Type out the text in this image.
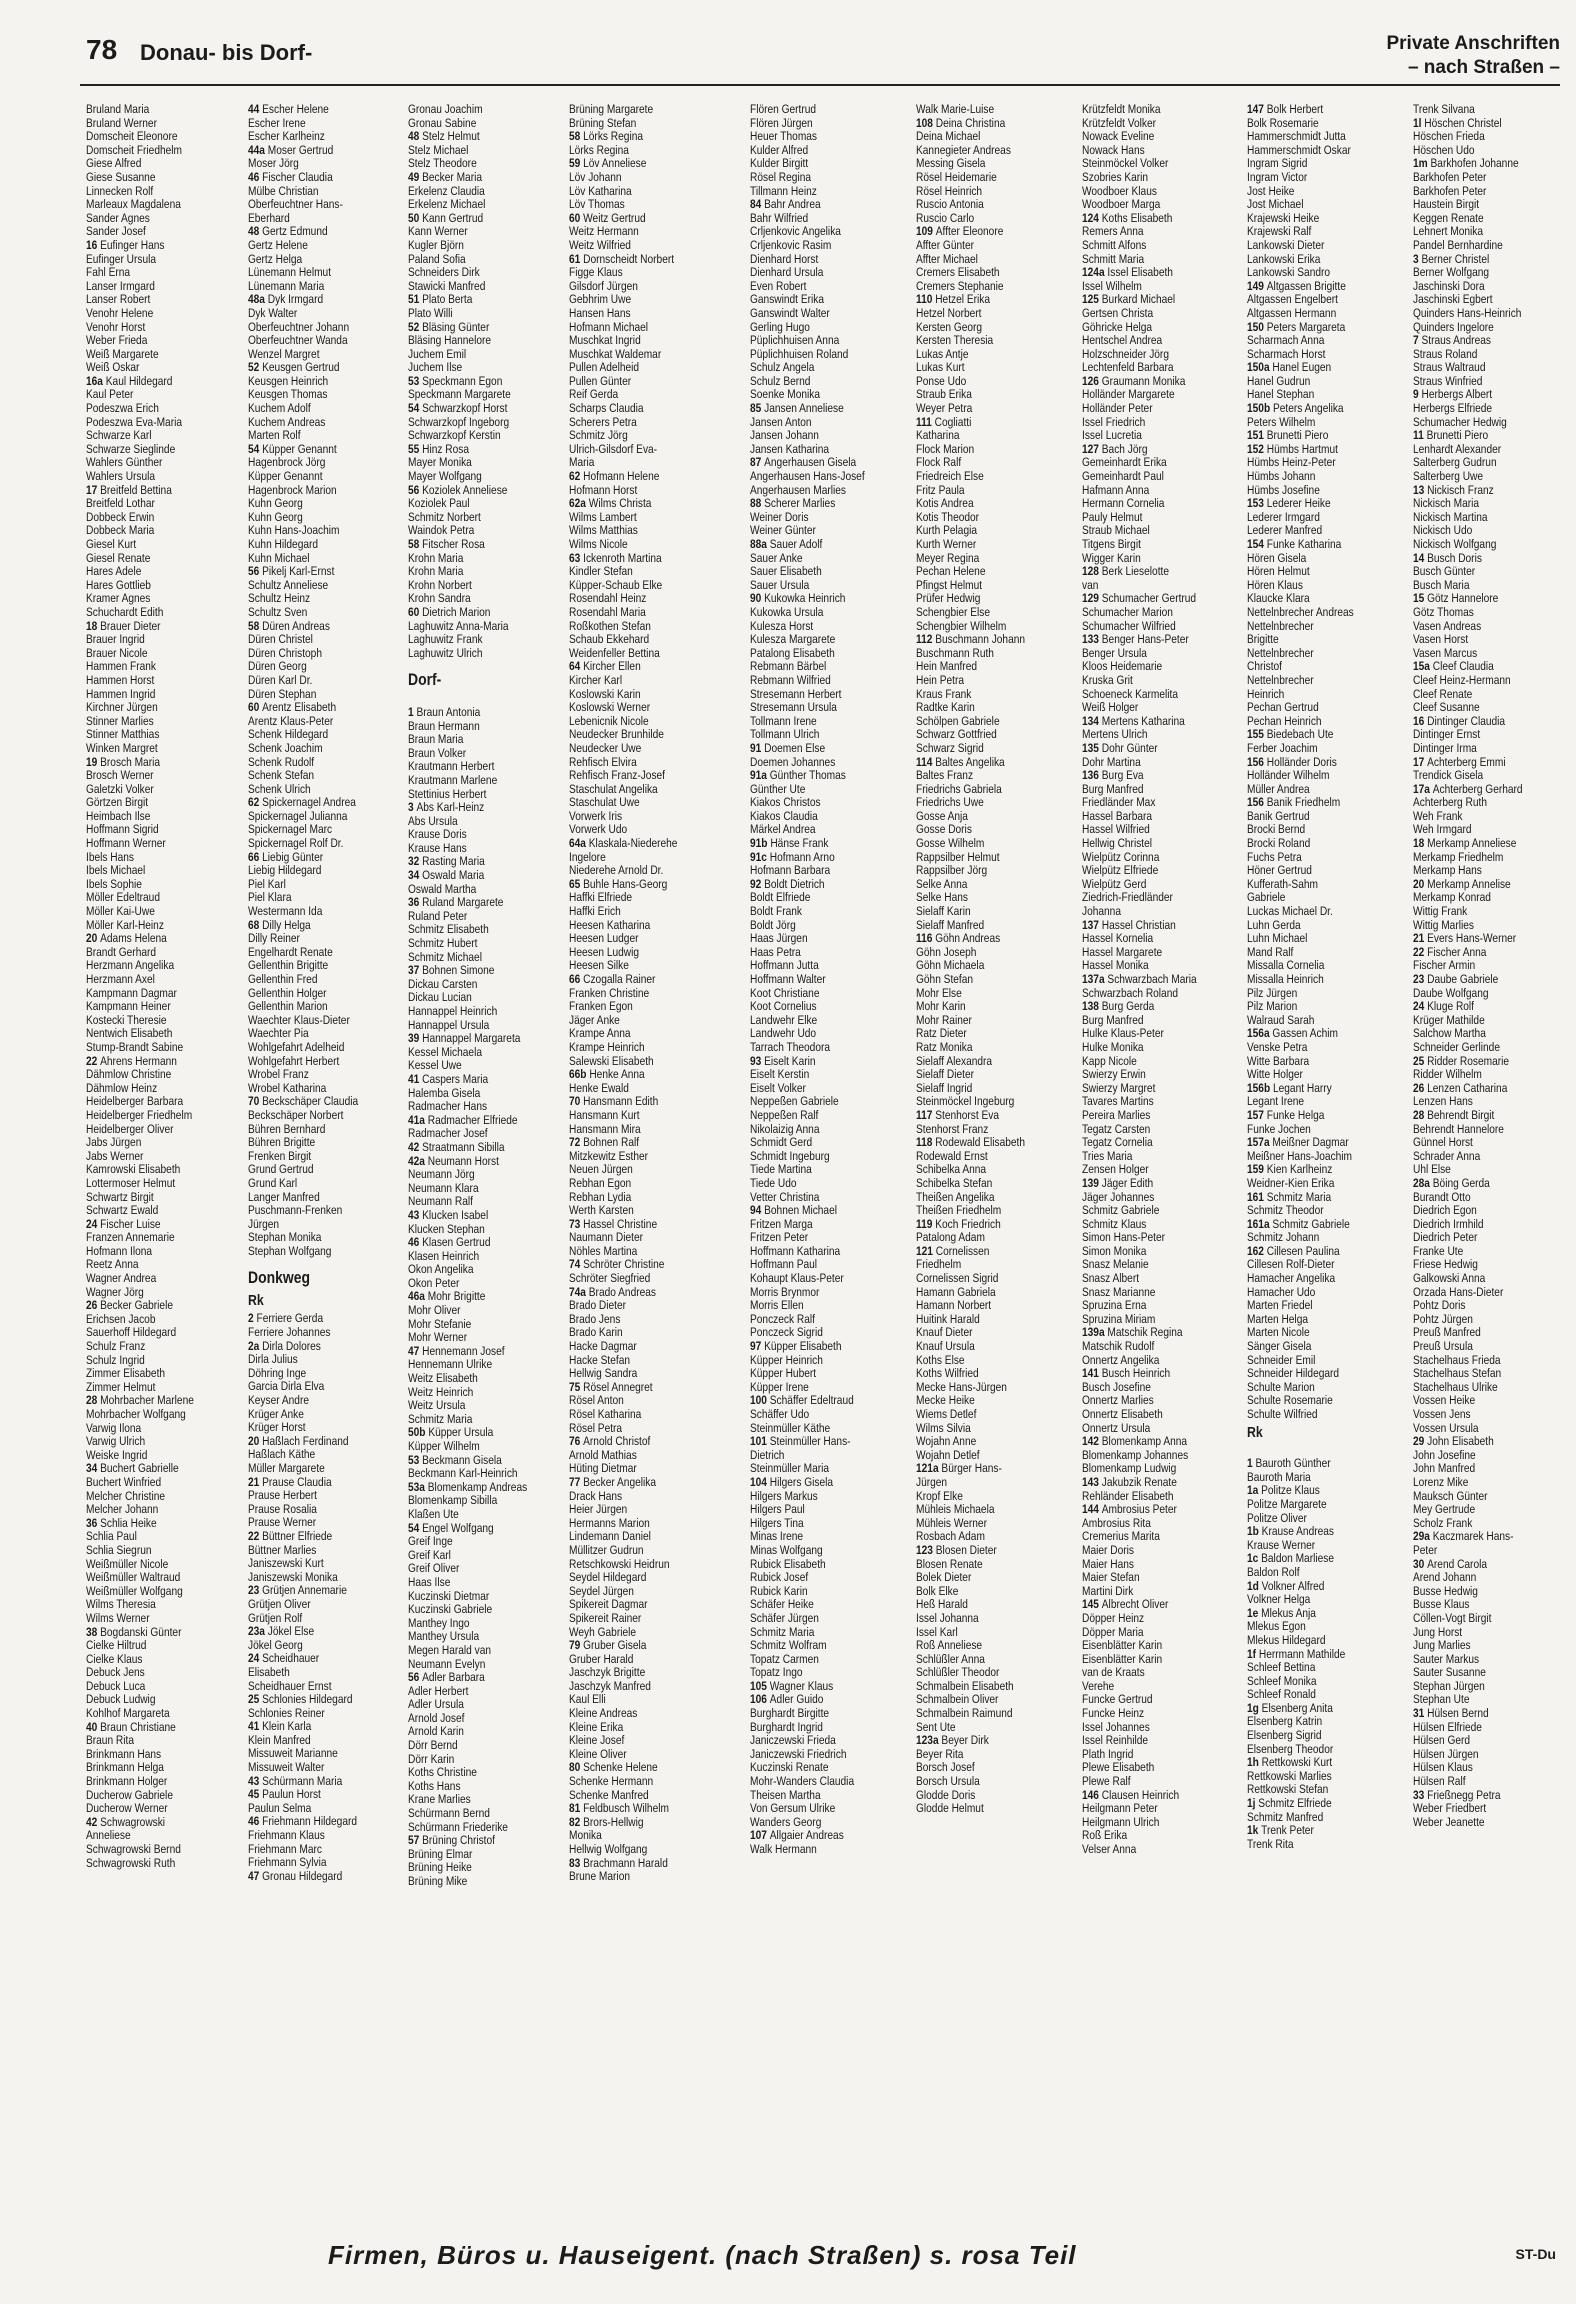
78 Donau- bis Dorf-	Private Anschriften
– nach Straßen –
Bruland Maria
Bruland Werner
Domscheit Eleonore
Domscheit Friedhelm
Giese Alfred
Giese Susanne
Linnecken Rolf
Marleaux Magdalena
Sander Agnes
Sander Josef
16 Eufinger Hans
Eufinger Ursula
Fahl Erna
Lanser Irmgard
Lanser Robert
Venohr Helene
Venohr Horst
Weber Frieda
Weiß Margarete
Weiß Oskar
16a Kaul Hildegard
Kaul Peter
Podeszwa Erich
Podeszwa Eva-Maria
Schwarze Karl
Schwarze Sieglinde
Wahlers Günther
Wahlers Ursula
17 Breitfeld Bettina
Breitfeld Lothar
Dobbeck Erwin
Dobbeck Maria
Giesel Kurt
Giesel Renate
Hares Adele
Hares Gottlieb
Kramer Agnes
Schuchardt Edith
18 Brauer Dieter
Brauer Ingrid
Brauer Nicole
Hammen Frank
Hammen Horst
Hammen Ingrid
Kirchner Jürgen
Stinner Marlies
Stinner Matthias
Winken Margret
19 Brosch Maria
Brosch Werner
Galetzki Volker
Görtzen Birgit
Heimbach Ilse
Hoffmann Sigrid
Hoffmann Werner
Ibels Hans
Ibels Michael
Ibels Sophie
Möller Edeltraud
Möller Kai-Uwe
Möller Karl-Heinz
20 Adams Helena
Brandt Gerhard
Herzmann Angelika
Herzmann Axel
Kampmann Dagmar
Kampmann Heiner
Kostecki Theresie
Nentwich Elisabeth
Stump-Brandt Sabine
22 Ahrens Hermann
Dähmlow Christine
Dähmlow Heinz
Heidelberger Barbara
Heidelberger Friedhelm
Heidelberger Oliver
Jabs Jürgen
Jabs Werner
Kamrowski Elisabeth
Lottermoser Helmut
Schwartz Birgit
Schwartz Ewald
24 Fischer Luise
Franzen Annemarie
Hofmann Ilona
Reetz Anna
Wagner Andrea
Wagner Jörg
26 Becker Gabriele
Erichsen Jacob
Sauerhoff Hildegard
Schulz Franz
Schulz Ingrid
Zimmer Elisabeth
Zimmer Helmut
28 Mohrbacher Marlene
Mohrbacher Wolfgang
Varwig Ilona
Varwig Ulrich
Weiske Ingrid
34 Buchert Gabrielle
Buchert Winfried
Melcher Christine
Melcher Johann
36 Schlia Heike
Schlia Paul
Schlia Siegrun
Weißmüller Nicole
Weißmüller Waltraud
Weißmüller Wolfgang
Wilms Theresia
Wilms Werner
38 Bogdanski Günter
Cielke Hiltrud
Cielke Klaus
Debuck Jens
Debuck Luca
Debuck Ludwig
Kohlhof Margareta
40 Braun Christiane
Braun Rita
Brinkmann Hans
Brinkmann Helga
Brinkmann Holger
Ducherow Gabriele
Ducherow Werner
42 Schwagrowski
Anneliese
Schwagrowski Bernd
Schwagrowski Ruth
44 Escher Helene
Escher Irene
Escher Karlheinz
44a Moser Gertrud
Moser Jörg
46 Fischer Claudia
Mülbe Christian
Oberfeuchtner Hans-
Eberhard
48 Gertz Edmund
Gertz Helene
Gertz Helga
Lünemann Helmut
Lünemann Maria
48a Dyk Irmgard
Dyk Walter
Oberfeuchtner Johann
Oberfeuchtner Wanda
Wenzel Margret
52 Keusgen Gertrud
Keusgen Heinrich
Keusgen Thomas
Kuchem Adolf
Kuchem Andreas
Marten Rolf
54 Küpper Genannt
Hagenbrock Jörg
Küpper Genannt
Hagenbrock Marion
Kuhn Georg
Kuhn Georg
Kuhn Hans-Joachim
Kuhn Hildegard
Kuhn Michael
56 Pikelj Karl-Ernst
Schultz Anneliese
Schultz Heinz
Schultz Sven
58 Düren Andreas
Düren Christel
Düren Christoph
Düren Georg
Düren Karl Dr.
Düren Stephan
60 Arentz Elisabeth
Arentz Klaus-Peter
Schenk Hildegard
Schenk Joachim
Schenk Rudolf
Schenk Stefan
Schenk Ulrich
62 Spickernagel Andrea
Spickernagel Julianna
Spickernagel Marc
Spickernagel Rolf Dr.
66 Liebig Günter
Liebig Hildegard
Piel Karl
Piel Klara
Westermann Ida
68 Dilly Helga
Dilly Reiner
Engelhardt Renate
Gellenthin Brigitte
Gellenthin Fred
Gellenthin Holger
Gellenthin Marion
Waechter Klaus-Dieter
Waechter Pia
Wohlgefahrt Adelheid
Wohlgefahrt Herbert
Wrobel Franz
Wrobel Katharina
70 Beckschäper Claudia
Beckschäper Norbert
Bühren Bernhard
Bühren Brigitte
Frenken Birgit
Grund Gertrud
Grund Karl
Langer Manfred
Puschmann-Frenken
Jürgen
Stephan Monika
Stephan Wolfgang
Donkweg
Rk
2 Ferriere Gerda
Ferriere Johannes
2a Dirla Dolores
Dirla Julius
Döhring Inge
Garcia Dirla Elva
Keyser Andre
Krüger Anke
Krüger Horst
20 Haßlach Ferdinand
Haßlach Käthe
Müller Margarete
21 Prause Claudia
Prause Herbert
Prause Rosalia
Prause Werner
22 Büttner Elfriede
Büttner Marlies
Janiszewski Kurt
Janiszewski Monika
23 Grütjen Annemarie
Grütjen Oliver
Grütjen Rolf
23a Jökel Else
Jökel Georg
24 Scheidhauer
Elisabeth
Scheidhauer Ernst
25 Schlonies Hildegard
Schlonies Reiner
41 Klein Karla
Klein Manfred
Missuweit Marianne
Missuweit Walter
43 Schürmann Maria
45 Paulun Horst
Paulun Selma
46 Friehmann Hildegard
Friehmann Klaus
Friehmann Marc
Friehmann Sylvia
47 Gronau Hildegard
Gronau Joachim
Gronau Sabine
48 Stelz Helmut
Stelz Michael
Stelz Theodore
49 Becker Maria
Erkelenz Claudia
Erkelenz Michael
50 Kann Gertrud
Kann Werner
Kugler Björn
Paland Sofia
Schneiders Dirk
Stawicki Manfred
51 Plato Berta
Plato Willi
52 Bläsing Günter
Bläsing Hannelore
Juchem Emil
Juchem Ilse
53 Speckmann Egon
Speckmann Margarete
54 Schwarzkopf Horst
Schwarzkopf Ingeborg
Schwarzkopf Kerstin
55 Hinz Rosa
Mayer Monika
Mayer Wolfgang
56 Koziolek Anneliese
Koziolek Paul
Schmitz Norbert
Waindok Petra
58 Fitscher Rosa
Krohn Maria
Krohn Maria
Krohn Norbert
Krohn Sandra
60 Dietrich Marion
Laghuwitz Anna-Maria
Laghuwitz Frank
Laghuwitz Ulrich
Dorf-
1 Braun Antonia
Braun Hermann
Braun Maria
Braun Volker
Krautmann Herbert
Krautmann Marlene
Stettinius Herbert
3 Abs Karl-Heinz
Abs Ursula
Krause Doris
Krause Hans
32 Rasting Maria
34 Oswald Maria
Oswald Martha
36 Ruland Margarete
Ruland Peter
Schmitz Elisabeth
Schmitz Hubert
Schmitz Michael
37 Bohnen Simone
Dickau Carsten
Dickau Lucian
Hannappel Heinrich
Hannappel Ursula
39 Hannappel Margareta
Kessel Michaela
Kessel Uwe
41 Caspers Maria
Halemba Gisela
Radmacher Hans
41a Radmacher Elfriede
Radmacher Josef
42 Straatmann Sibilla
42a Neumann Horst
Neumann Jörg
Neumann Klara
Neumann Ralf
43 Klucken Isabel
Klucken Stephan
46 Klasen Gertrud
Klasen Heinrich
Okon Angelika
Okon Peter
46a Mohr Brigitte
Mohr Oliver
Mohr Stefanie
Mohr Werner
47 Hennemann Josef
Hennemann Ulrike
Weitz Elisabeth
Weitz Heinrich
Weitz Ursula
Schmitz Maria
50b Küpper Ursula
Küpper Wilhelm
53 Beckmann Gisela
Beckmann Karl-Heinrich
53a Blomenkamp Andreas
Blomenkamp Sibilla
Klaßen Ute
54 Engel Wolfgang
Greif Inge
Greif Karl
Greif Oliver
Haas Ilse
Kuczinski Dietmar
Kuczinski Gabriele
Manthey Ingo
Manthey Ursula
Megen Harald van
Neumann Evelyn
56 Adler Barbara
Adler Herbert
Adler Ursula
Arnold Josef
Arnold Karin
Dörr Bernd
Dörr Karin
Koths Christine
Koths Hans
Krane Marlies
Schürmann Bernd
Schürmann Friederike
57 Brüning Christof
Brüning Elmar
Brüning Heike
Brüning Mike
Brüning Margarete
Brüning Stefan
58 Lörks Regina
Lörks Regina
59 Löv Anneliese
Löv Johann
Löv Katharina
Löv Thomas
60 Weitz Gertrud
Weitz Hermann
Weitz Wilfried
61 Dornscheidt Norbert
Figge Klaus
Gilsdorf Jürgen
Gebhrim Uwe
Hansen Hans
Hofmann Michael
Muschkat Ingrid
Muschkat Waldemar
Pullen Adelheid
Pullen Günter
Reif Gerda
Scharps Claudia
Scherers Petra
Schmitz Jörg
Ulrich-Gilsdorf Eva-
Maria
62 Hofmann Helene
Hofmann Horst
62a Wilms Christa
Wilms Lambert
Wilms Matthias
Wilms Nicole
63 Ickenroth Martina
Kindler Stefan
Küpper-Schaub Elke
Rosendahl Heinz
Rosendahl Maria
Roßkothen Stefan
Schaub Ekkehard
Weidenfeller Bettina
64 Kircher Ellen
Kircher Karl
Koslowski Karin
Koslowski Werner
Lebenicnik Nicole
Neudecker Brunhilde
Neudecker Uwe
Rehfisch Elvira
Rehfisch Franz-Josef
Staschulat Angelika
Staschulat Uwe
Vorwerk Iris
Vorwerk Udo
64a Klaskala-Niederehe
Ingelore
Niederehe Arnold Dr.
65 Buhle Hans-Georg
Haffki Elfriede
Haffki Erich
Heesen Katharina
Heesen Ludger
Heesen Ludwig
Heesen Silke
66 Czogalla Rainer
Franken Christine
Franken Egon
Jäger Anke
Krampe Anna
Krampe Heinrich
Salewski Elisabeth
66b Henke Anna
Henke Ewald
70 Hansmann Edith
Hansmann Kurt
Hansmann Mira
72 Bohnen Ralf
Mitzkewitz Esther
Neuen Jürgen
Rebhan Egon
Rebhan Lydia
Werth Karsten
73 Hassel Christine
Naumann Dieter
Nöhles Martina
74 Schröter Christine
Schröter Siegfried
74a Brado Andreas
Brado Dieter
Brado Jens
Brado Karin
Hacke Dagmar
Hacke Stefan
Hellwig Sandra
75 Rösel Annegret
Rösel Anton
Rösel Katharina
Rösel Petra
76 Arnold Christof
Arnold Mathias
Hüting Dietmar
77 Becker Angelika
Drack Hans
Heier Jürgen
Hermanns Marion
Lindemann Daniel
Müllitzer Gudrun
Retschkowski Heidrun
Seydel Hildegard
Seydel Jürgen
Spikereit Dagmar
Spikereit Rainer
Weyh Gabriele
79 Gruber Gisela
Gruber Harald
Jaschzyk Brigitte
Jaschzyk Manfred
Kaul Elli
Kleine Andreas
Kleine Erika
Kleine Josef
Kleine Oliver
80 Schenke Helene
Schenke Hermann
Schenke Manfred
81 Feldbusch Wilhelm
82 Brors-Hellwig
Monika
Hellwig Wolfgang
83 Brachmann Harald
Brune Marion
Flören Gertrud
Flören Jürgen
Heuer Thomas
Kulder Alfred
Kulder Birgitt
Rösel Regina
Tillmann Heinz
84 Bahr Andrea
Bahr Wilfried
Crljenkovic Angelika
Crljenkovic Rasim
Dienhard Horst
Dienhard Ursula
Even Robert
Ganswindt Erika
Ganswindt Walter
Gerling Hugo
Püplichhuisen Anna
Püplichhuisen Roland
Schulz Angela
Schulz Bernd
Soenke Monika
85 Jansen Anneliese
Jansen Anton
Jansen Johann
Jansen Katharina
87 Angerhausen Gisela
Angerhausen Hans-Josef
Angerhausen Marlies
88 Scherer Marlies
Weiner Doris
Weiner Günter
88a Sauer Adolf
Sauer Anke
Sauer Elisabeth
Sauer Ursula
90 Kukowka Heinrich
Kukowka Ursula
Kulesza Horst
Kulesza Margarete
Patalong Elisabeth
Rebmann Bärbel
Rebmann Wilfried
Stresemann Herbert
Stresemann Ursula
Tollmann Irene
Tollmann Ulrich
91 Doemen Else
Doemen Johannes
91a Günther Thomas
Günther Ute
Kiakos Christos
Kiakos Claudia
Märkel Andrea
91b Hänse Frank
91c Hofmann Arno
Hofmann Barbara
92 Boldt Dietrich
Boldt Elfriede
Boldt Frank
Boldt Jörg
Haas Jürgen
Haas Petra
Hoffmann Jutta
Hoffmann Walter
Koot Christiane
Koot Cornelius
Landwehr Elke
Landwehr Udo
Tarrach Theodora
93 Eiselt Karin
Eiselt Kerstin
Eiselt Volker
Neppeßen Gabriele
Neppeßen Ralf
Nikolaizig Anna
Schmidt Gerd
Schmidt Ingeburg
Tiede Martina
Tiede Udo
Vetter Christina
94 Bohnen Michael
Fritzen Marga
Fritzen Peter
Hoffmann Katharina
Hoffmann Paul
Kohaupt Klaus-Peter
Morris Brynmor
Morris Ellen
Ponczeck Ralf
Ponczeck Sigrid
97 Küpper Elisabeth
Küpper Heinrich
Küpper Hubert
Küpper Irene
100 Schäffer Edeltraud
Schäffer Udo
Steinmüller Käthe
101 Steinmüller Hans-
Dietrich
Steinmüller Maria
104 Hilgers Gisela
Hilgers Markus
Hilgers Paul
Hilgers Tina
Minas Irene
Minas Wolfgang
Rubick Elisabeth
Rubick Josef
Rubick Karin
Schäfer Heike
Schäfer Jürgen
Schmitz Maria
Schmitz Wolfram
Topatz Carmen
Topatz Ingo
105 Wagner Klaus
106 Adler Guido
Burghardt Birgitte
Burghardt Ingrid
Janiczewski Frieda
Janiczewski Friedrich
Kuczinski Renate
Mohr-Wanders Claudia
Theisen Martha
Von Gersum Ulrike
Wanders Georg
107 Allgaier Andreas
Walk Hermann
Walk Marie-Luise
108 Deina Christina
Deina Michael
Kannegieter Andreas
Messing Gisela
Rösel Heidemarie
Rösel Heinrich
Ruscio Antonia
Ruscio Carlo
109 Affter Eleonore
Affter Günter
Affter Michael
Cremers Elisabeth
Cremers Stephanie
110 Hetzel Erika
Hetzel Norbert
Kersten Georg
Kersten Theresia
Lukas Antje
Lukas Kurt
Ponse Udo
Straub Erika
Weyer Petra
111 Cogliatti
Katharina
Flock Marion
Flock Ralf
Friedreich Else
Fritz Paula
Kotis Andrea
Kotis Theodor
Kurth Pelagia
Kurth Werner
Meyer Regina
Pechan Helene
Pfingst Helmut
Prüfer Hedwig
Schengbier Else
Schengbier Wilhelm
112 Buschmann Johann
Buschmann Ruth
Hein Manfred
Hein Petra
Kraus Frank
Radtke Karin
Schölpen Gabriele
Schwarz Gottfried
Schwarz Sigrid
114 Baltes Angelika
Baltes Franz
Friedrichs Gabriela
Friedrichs Uwe
Gosse Anja
Gosse Doris
Gosse Wilhelm
Rappsilber Helmut
Rappsilber Jörg
Selke Anna
Selke Hans
Sielaff Karin
Sielaff Manfred
116 Göhn Andreas
Göhn Joseph
Göhn Michaela
Göhn Stefan
Mohr Else
Mohr Karin
Mohr Rainer
Ratz Dieter
Ratz Monika
Sielaff Alexandra
Sielaff Dieter
Sielaff Ingrid
Steinmöckel Ingeburg
117 Stenhorst Eva
Stenhorst Franz
118 Rodewald Elisabeth
Rodewald Ernst
Schibelka Anna
Schibelka Stefan
Theißen Angelika
Theißen Friedhelm
119 Koch Friedrich
Patalong Adam
121 Cornelissen
Friedhelm
Cornelissen Sigrid
Hamann Gabriela
Hamann Norbert
Huitink Harald
Knauf Dieter
Knauf Ursula
Koths Else
Koths Wilfried
Mecke Hans-Jürgen
Mecke Heike
Wiems Detlef
Wilms Silvia
Wojahn Anne
Wojahn Detlef
121a Bürger Hans-
Jürgen
Kropf Elke
Mühleis Michaela
Mühleis Werner
Rosbach Adam
123 Blosen Dieter
Blosen Renate
Bolek Dieter
Bolk Elke
Heß Harald
Issel Johanna
Issel Karl
Roß Anneliese
Schlüßler Anna
Schlüßler Theodor
Schmalbein Elisabeth
Schmalbein Oliver
Schmalbein Raimund
Sent Ute
123a Beyer Dirk
Beyer Rita
Borsch Josef
Borsch Ursula
Glodde Doris
Glodde Helmut
Krützfeldt Monika
Krützfeldt Volker
Nowack Eveline
Nowack Hans
Steinmöckel Volker
Szobries Karin
Woodboer Klaus
Woodboer Marga
124 Koths Elisabeth
Remers Anna
Schmitt Alfons
Schmitt Maria
124a Issel Elisabeth
Issel Wilhelm
125 Burkard Michael
Gertsen Christa
Göhricke Helga
Hentschel Andrea
Holzschneider Jörg
Lechtenfeld Barbara
126 Graumann Monika
Holländer Margarete
Holländer Peter
Issel Friedrich
Issel Lucretia
127 Bach Jörg
Gemeinhardt Erika
Gemeinhardt Paul
Hafmann Anna
Hermann Cornelia
Pauly Helmut
Straub Michael
Titgens Birgit
Wigger Karin
128 Berk Lieselotte
van
129 Schumacher Gertrud
Schumacher Marion
Schumacher Wilfried
133 Benger Hans-Peter
Benger Ursula
Kloos Heidemarie
Kruska Grit
Schoeneck Karmelita
Weiß Holger
134 Mertens Katharina
Mertens Ulrich
135 Dohr Günter
Dohr Martina
136 Burg Eva
Burg Manfred
Friedländer Max
Hassel Barbara
Hassel Wilfried
Hellwig Christel
Wielpütz Corinna
Wielpütz Elfriede
Wielpütz Gerd
Ziedrich-Friedländer
Johanna
137 Hassel Christian
Hassel Kornelia
Hassel Margarete
Hassel Monika
137a Schwarzbach Maria
Schwarzbach Roland
138 Burg Gerda
Burg Manfred
Hulke Klaus-Peter
Hulke Monika
Kapp Nicole
Swierzy Erwin
Swierzy Margret
Tavares Martins
Pereira Marlies
Tegatz Carsten
Tegatz Cornelia
Tries Maria
Zensen Holger
139 Jäger Edith
Jäger Johannes
Schmitz Gabriele
Schmitz Klaus
Simon Hans-Peter
Simon Monika
Snasz Melanie
Snasz Albert
Snasz Marianne
Spruzina Erna
Spruzina Miriam
139a Matschik Regina
Matschik Rudolf
Onnertz Angelika
141 Busch Heinrich
Busch Josefine
Onnertz Marlies
Onnertz Elisabeth
Onnertz Ursula
142 Blomenkamp Anna
Blomenkamp Johannes
Blomenkamp Ludwig
143 Jakubzik Renate
Rehländer Elisabeth
144 Ambrosius Peter
Ambrosius Rita
Cremerius Marita
Maier Doris
Maier Hans
Maier Stefan
Martini Dirk
145 Albrecht Oliver
Döpper Heinz
Döpper Maria
Eisenblätter Karin
Eisenblätter Karin
van de Kraats
Verehe
Funcke Gertrud
Funcke Heinz
Issel Johannes
Issel Reinhilde
Plath Ingrid
Plewe Elisabeth
Plewe Ralf
146 Clausen Heinrich
Heilgmann Peter
Heilgmann Ulrich
Roß Erika
Velser Anna
147 Bolk Herbert
Bolk Rosemarie
Hammerschmidt Jutta
Hammerschmidt Oskar
Ingram Sigrid
Ingram Victor
Jost Heike
Jost Michael
Krajewski Heike
Krajewski Ralf
Lankowski Dieter
Lankowski Erika
Lankowski Sandro
149 Altgassen Brigitte
Altgassen Engelbert
Altgassen Hermann
150 Peters Margareta
Scharmach Anna
Scharmach Horst
150a Hanel Eugen
Hanel Gudrun
Hanel Stephan
150b Peters Angelika
Peters Wilhelm
151 Brunetti Piero
152 Hümbs Hartmut
Hümbs Heinz-Peter
Hümbs Johann
Hümbs Josefine
153 Lederer Heike
Lederer Irmgard
Lederer Manfred
154 Funke Katharina
Hören Gisela
Hören Helmut
Hören Klaus
Klaucke Klara
Nettelnbrecher Andreas
Nettelnbrecher
Brigitte
Nettelnbrecher
Christof
Nettelnbrecher
Heinrich
Pechan Gertrud
Pechan Heinrich
155 Biedebach Ute
Ferber Joachim
156 Holländer Doris
Holländer Wilhelm
Müller Andrea
156 Banik Friedhelm
Banik Gertrud
Brocki Bernd
Brocki Roland
Fuchs Petra
Höner Gertrud
Kufferath-Sahm
Gabriele
Luckas Michael Dr.
Luhn Gerda
Luhn Michael
Mand Ralf
Missalla Cornelia
Missalla Heinrich
Pilz Jürgen
Pilz Marion
Walraud Sarah
156a Gassen Achim
Venske Petra
Witte Barbara
Witte Holger
156b Legant Harry
Legant Irene
157 Funke Helga
Funke Jochen
157a Meißner Dagmar
Meißner Hans-Joachim
159 Kien Karlheinz
Weidner-Kien Erika
161 Schmitz Maria
Schmitz Theodor
161a Schmitz Gabriele
Schmitz Johann
162 Cillesen Paulina
Cillesen Rolf-Dieter
Hamacher Angelika
Hamacher Udo
Marten Friedel
Marten Helga
Marten Nicole
Sänger Gisela
Schneider Emil
Schneider Hildegard
Schulte Marion
Schulte Rosemarie
Schulte Wilfried
Rk
1 Bauroth Günther
Bauroth Maria
1a Politze Klaus
Politze Margarete
Politze Oliver
1b Krause Andreas
Krause Werner
1c Baldon Marliese
Baldon Rolf
1d Volkner Alfred
Volkner Helga
1e Mlekus Anja
Mlekus Egon
Mlekus Hildegard
1f Herrmann Mathilde
Schleef Bettina
Schleef Monika
Schleef Ronald
1g Elsenberg Anita
Elsenberg Katrin
Elsenberg Sigrid
Elsenberg Theodor
1h Rettkowski Kurt
Rettkowski Marlies
Rettkowski Stefan
1j Schmitz Elfriede
Schmitz Manfred
1k Trenk Peter
Trenk Rita
Trenk Silvana
1l Höschen Christel
Höschen Frieda
Höschen Udo
1m Barkhofen Johanne
Barkhofen Peter
Barkhofen Peter
Haustein Birgit
Keggen Renate
Lehnert Monika
Pandel Bernhardine
3 Berner Christel
Berner Wolfgang
Jaschinski Dora
Jaschinski Egbert
Quinders Hans-Heinrich
Quinders Ingelore
7 Straus Andreas
Straus Roland
Straus Waltraud
Straus Winfried
9 Herbergs Albert
Herbergs Elfriede
Schumacher Hedwig
11 Brunetti Piero
Lenhardt Alexander
Salterberg Gudrun
Salterberg Uwe
13 Nickisch Franz
Nickisch Maria
Nickisch Martina
Nickisch Udo
Nickisch Wolfgang
14 Busch Doris
Busch Günter
Busch Maria
15 Götz Hannelore
Götz Thomas
Vasen Andreas
Vasen Horst
Vasen Marcus
15a Cleef Claudia
Cleef Heinz-Hermann
Cleef Renate
Cleef Susanne
16 Dintinger Claudia
Dintinger Ernst
Dintinger Irma
17 Achterberg Emmi
Trendick Gisela
17a Achterberg Gerhard
Achterberg Ruth
Weh Frank
Weh Irmgard
18 Merkamp Anneliese
Merkamp Friedhelm
Merkamp Hans
20 Merkamp Annelise
Merkamp Konrad
Wittig Frank
Wittig Marlies
21 Evers Hans-Werner
22 Fischer Anna
Fischer Armin
23 Daube Gabriele
Daube Wolfgang
24 Kluge Rolf
Krüger Mathilde
Salchow Martha
Schneider Gerlinde
25 Ridder Rosemarie
Ridder Wilhelm
26 Lenzen Catharina
Lenzen Hans
28 Behrendt Birgit
Behrendt Hannelore
Günnel Horst
Schrader Anna
Uhl Else
28a Böing Gerda
Burandt Otto
Diedrich Egon
Diedrich Irmhild
Diedrich Peter
Franke Ute
Friese Hedwig
Galkowski Anna
Orzada Hans-Dieter
Pohtz Doris
Pohtz Jürgen
Preuß Manfred
Preuß Ursula
Stachelhaus Frieda
Stachelhaus Stefan
Stachelhaus Ulrike
Vossen Heike
Vossen Jens
Vossen Ursula
29 John Elisabeth
John Josefine
John Manfred
Lorenz Mike
Mauksch Günter
Mey Gertrude
Scholz Frank
29a Kaczmarek Hans-
Peter
30 Arend Carola
Arend Johann
Busse Hedwig
Busse Klaus
Cöllen-Vogt Birgit
Jung Horst
Jung Marlies
Sauter Markus
Sauter Susanne
Stephan Jürgen
Stephan Ute
31 Hülsen Bernd
Hülsen Elfriede
Hülsen Gerd
Hülsen Jürgen
Hülsen Klaus
Hülsen Ralf
33 Frießnegg Petra
Weber Friedbert
Weber Jeanette
Firmen, Büros u. Hauseigent. (nach Straßen) s. rosa Teil	ST-Du
